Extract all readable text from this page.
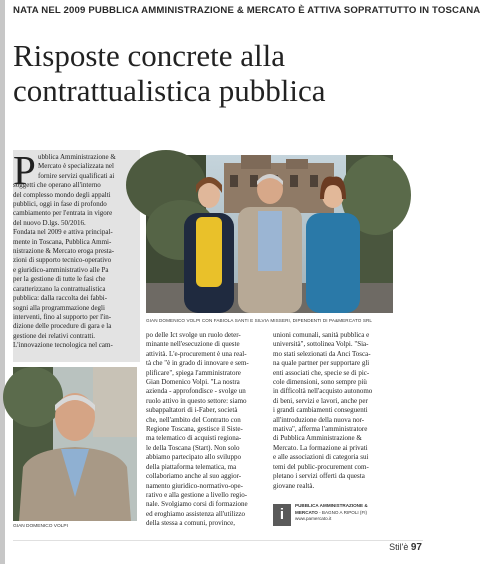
NATA NEL 2009 PUBBLICA AMMINISTRAZIONE & MERCATO È ATTIVA SOPRATTUTTO IN TOSCANA
Risposte concrete alla
contrattualistica pubblica
P ubblica Amministrazione &
Mercato è specializzata nel
fornire servizi qualificati ai
soggetti che operano all'interno
del complesso mondo degli appalti
pubblici, oggi in fase di profondo
cambiamento per l'entrata in vigore
del nuovo D.lgs. 50/2016.
Fondata nel 2009 e attiva principal-
mente in Toscana, Pubblica Ammi-
nistrazione & Mercato eroga presta-
zioni di supporto tecnico-operativo
e giuridico-amministrativo alle Pa
per la gestione di tutte le fasi che
caratterizzano la contrattualistica
pubblica: dalla raccolta dei fabbi-
sogni alla programmazione degli
interventi, fino al supporto per l'in-
dizione delle procedure di gara e la
gestione dei relativi contratti.
L'innovazione tecnologica nel cam-
GIAN DOMENICO VOLPI CON FABIOLA SANTI E SILVIA MISSERI, DIPENDENTI DI PA&MERCATO SRL
GIAN DOMENICO VOLPI
po delle Ict svolge un ruolo deter-
minante nell'esecuzione di queste
attività. L'e-procurement è una real-
tà che "è in grado di innovare e sem-
plificare", spiega l'amministratore
Gian Domenico Volpi. "La nostra
azienda - approfondisce - svolge un
ruolo attivo in questo settore: siamo
subappaltatori di i-Faber, società
che, nell'ambito del Contratto con
Regione Toscana, gestisce il Siste-
ma telematico di acquisti regiona-
le della Toscana (Start). Non solo
abbiamo partecipato allo sviluppo
della piattaforma telematica, ma
collaboriamo anche al suo aggior-
namento giuridico-normativo-ope-
rativo e alla gestione a livello regio-
nale. Svolgiamo corsi di formazione
ed eroghiamo assistenza all'utilizzo
della stessa a comuni, province,
unioni comunali, sanità pubblica e
università", sottolinea Volpi. "Sia-
mo stati selezionati da Anci Tosca-
na quale partner per supportare gli
enti associati che, specie se di pic-
cole dimensioni, sono sempre più
in difficoltà nell'acquisto autonomo
di beni, servizi e lavori, anche per
i grandi cambiamenti conseguenti
all'introduzione della nuova nor-
mativa", afferma l'amministratore
di Pubblica Amministrazione &
Mercato. La formazione ai privati
e alle associazioni di categoria sui
temi del public-procurement com-
pletano i servizi offerti da questa
giovane realtà.
i
PUBBLICA AMMINISTRAZIONE &
MERCATO - BAGNO A RIPOLI (FI)
www.pamercato.it
Stil'è 97
